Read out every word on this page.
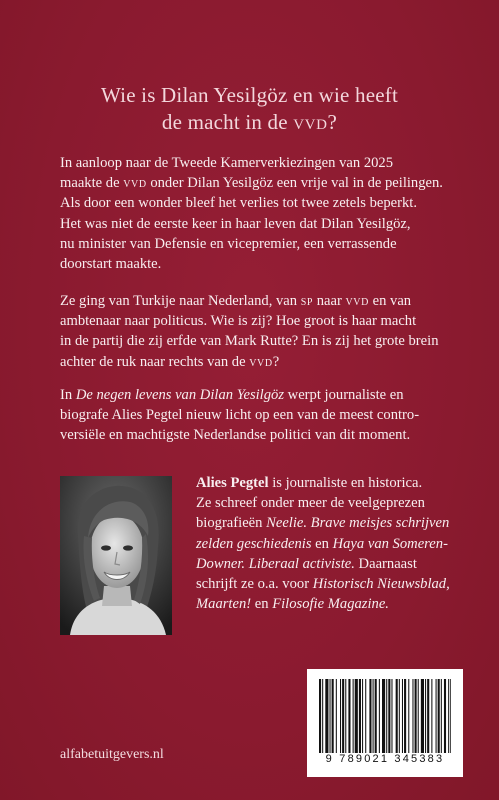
Wie is Dilan Yesilgöz en wie heeft
de macht in de vvd?
In aanloop naar de Tweede Kamerverkiezingen van 2025
maakte de vvd onder Dilan Yesilgöz een vrije val in de peilingen.
Als door een wonder bleef het verlies tot twee zetels beperkt.
Het was niet de eerste keer in haar leven dat Dilan Yesilgöz,
nu minister van Defensie en vicepremier, een verrassende
doorstart maakte.
Ze ging van Turkije naar Nederland, van sp naar vvd en van
ambtenaar naar politicus. Wie is zij? Hoe groot is haar macht
in de partij die zij erfde van Mark Rutte? En is zij het grote brein
achter de ruk naar rechts van de vvd?
In De negen levens van Dilan Yesilgöz werpt journaliste en
biografe Alies Pegtel nieuw licht op een van de meest contro-
versiële en machtigste Nederlandse politici van dit moment.
Alies Pegtel is journaliste en historica.
Ze schreef onder meer de veelgeprezen
biografieën Neelie. Brave meisjes schrijven
zelden geschiedenis en Haya van Someren-
Downer. Liberaal activiste. Daarnaast
schrijft ze o.a. voor Historisch Nieuwsblad,
Maarten! en Filosofie Magazine.
9 789021 345383
alfabetuitgevers.nl
